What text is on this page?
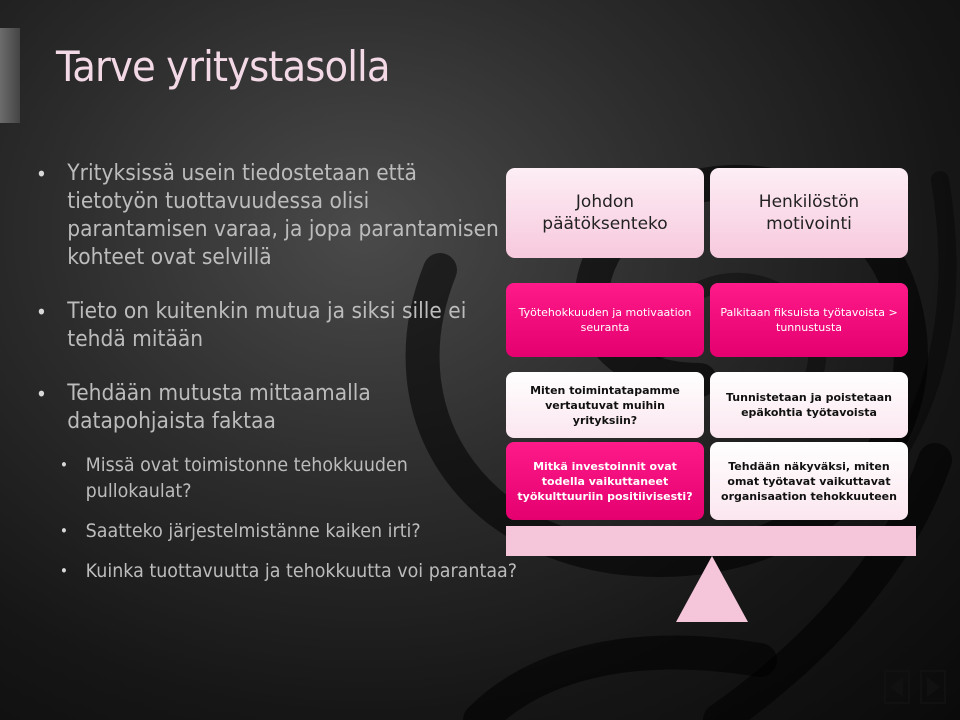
Tarve yritystasolla
• Yrityksissä usein tiedostetaan että tietotyön tuottavuudessa olisi parantamisen varaa, ja jopa parantamisen kohteet ovat selvillä
• Tieto on kuitenkin mutua ja siksi sille ei tehdä mitään
• Tehdään mutusta mittaamalla datapohjaista faktaa
• Missä ovat toimistonne tehokkuuden pullokaulat?
• Saatteko järjestelmistänne kaiken irti?
• Kuinka tuottavuutta ja tehokkuutta voi parantaa?
Johdon päätöksenteko
Henkilöstön motivointi
Työtehokkuuden ja motivaation seuranta
Miten toimintatapamme vertautuvat muihin yrityksiin?
Mitkä investoinnit ovat todella vaikuttaneet työkulttuuriin positiivisesti?
Palkitaan fiksuista työtavoista > tunnustusta
Tunnistetaan ja poistetaan epäkohtia työtavoista
Tehdään näkyväksi, miten omat työtavat vaikuttavat organisaation tehokkuuteen
